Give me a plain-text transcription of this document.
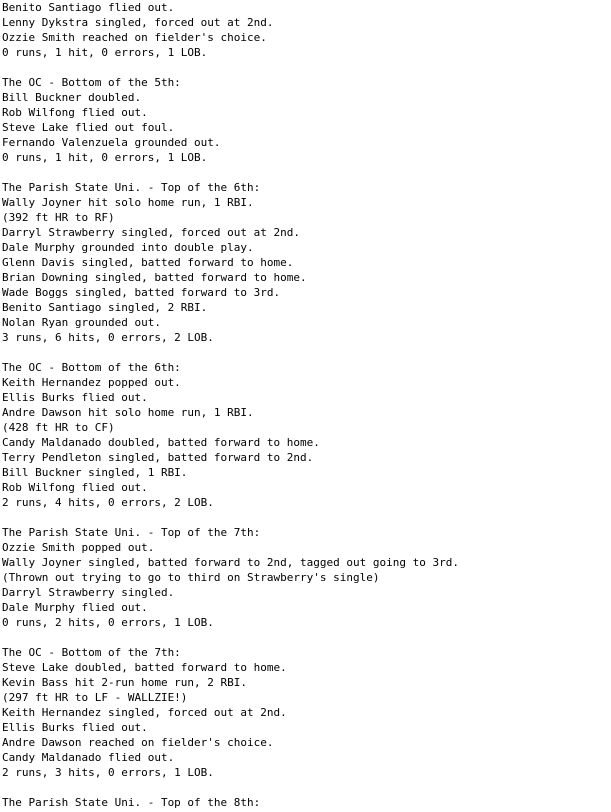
Benito Santiago flied out.
Lenny Dykstra singled, forced out at 2nd.
Ozzie Smith reached on fielder's choice.
0 runs, 1 hit, 0 errors, 1 LOB.
The OC - Bottom of the 5th:
Bill Buckner doubled.
Rob Wilfong flied out.
Steve Lake flied out foul.
Fernando Valenzuela grounded out.
0 runs, 1 hit, 0 errors, 1 LOB.
The Parish State Uni. - Top of the 6th:
Wally Joyner hit solo home run, 1 RBI.
(392 ft HR to RF)
Darryl Strawberry singled, forced out at 2nd.
Dale Murphy grounded into double play.
Glenn Davis singled, batted forward to home.
Brian Downing singled, batted forward to home.
Wade Boggs singled, batted forward to 3rd.
Benito Santiago singled, 2 RBI.
Nolan Ryan grounded out.
3 runs, 6 hits, 0 errors, 2 LOB.
The OC - Bottom of the 6th:
Keith Hernandez popped out.
Ellis Burks flied out.
Andre Dawson hit solo home run, 1 RBI.
(428 ft HR to CF)
Candy Maldanado doubled, batted forward to home.
Terry Pendleton singled, batted forward to 2nd.
Bill Buckner singled, 1 RBI.
Rob Wilfong flied out.
2 runs, 4 hits, 0 errors, 2 LOB.
The Parish State Uni. - Top of the 7th:
Ozzie Smith popped out.
Wally Joyner singled, batted forward to 2nd, tagged out going to 3rd.
(Thrown out trying to go to third on Strawberry's single)
Darryl Strawberry singled.
Dale Murphy flied out.
0 runs, 2 hits, 0 errors, 1 LOB.
The OC - Bottom of the 7th:
Steve Lake doubled, batted forward to home.
Kevin Bass hit 2-run home run, 2 RBI.
(297 ft HR to LF - WALLZIE!)
Keith Hernandez singled, forced out at 2nd.
Ellis Burks flied out.
Andre Dawson reached on fielder's choice.
Candy Maldanado flied out.
2 runs, 3 hits, 0 errors, 1 LOB.
The Parish State Uni. - Top of the 8th:
